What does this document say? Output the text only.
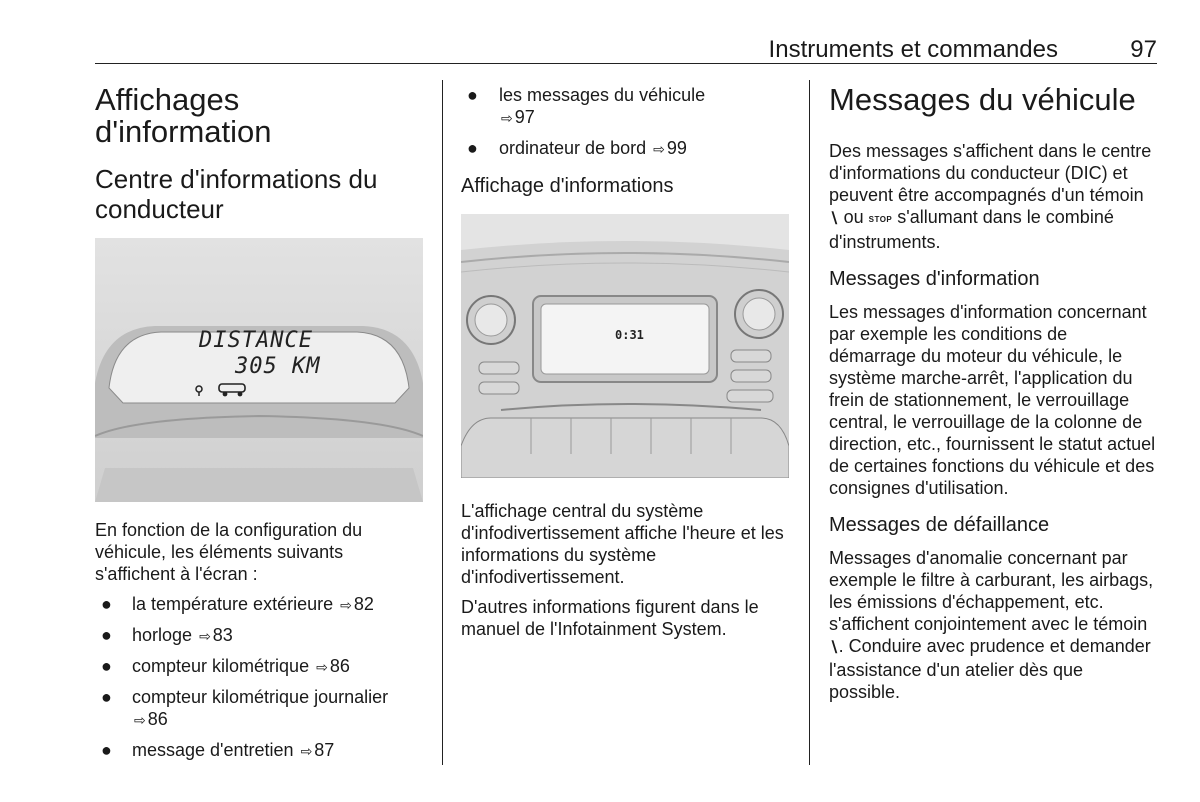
Instruments et commandes	97
Affichages d'information
Centre d'informations du conducteur
DISTANCE
305 KM

En fonction de la configuration du véhicule, les éléments suivants s'affichent à l'écran :

● la température extérieure ⇨ 82
● horloge ⇨ 83
● compteur kilométrique ⇨ 86
● compteur kilométrique journalier
⇨ 86
● message d'entretien ⇨ 87
● les messages du véhicule
⇨ 97
● ordinateur de bord ⇨ 99
Affichage d'informations
0:31

L'affichage central du système d'infodivertissement affiche l'heure et les informations du système d'infodivertissement.

D'autres informations figurent dans le manuel de l'Infotainment System.

Messages du véhicule

Des messages s'affichent dans le centre d'informations du conducteur (DIC) et peuvent être accompagnés d'un témoin ∖ ou STOP s'allumant dans le combiné d'instruments.

Messages d'information

Les messages d'information concernant par exemple les conditions de démarrage du moteur du véhicule, le système marche-arrêt, l'application du frein de stationnement, le verrouillage central, le verrouillage de la colonne de direction, etc., fournissent le statut actuel de certaines fonctions du véhicule et des consignes d'utilisation.

Messages de défaillance

Messages d'anomalie concernant par exemple le filtre à carburant, les airbags, les émissions d'échappement, etc. s'affichent conjointement avec le témoin ∖. Conduire avec prudence et demander l'assistance d'un atelier dès que possible.
